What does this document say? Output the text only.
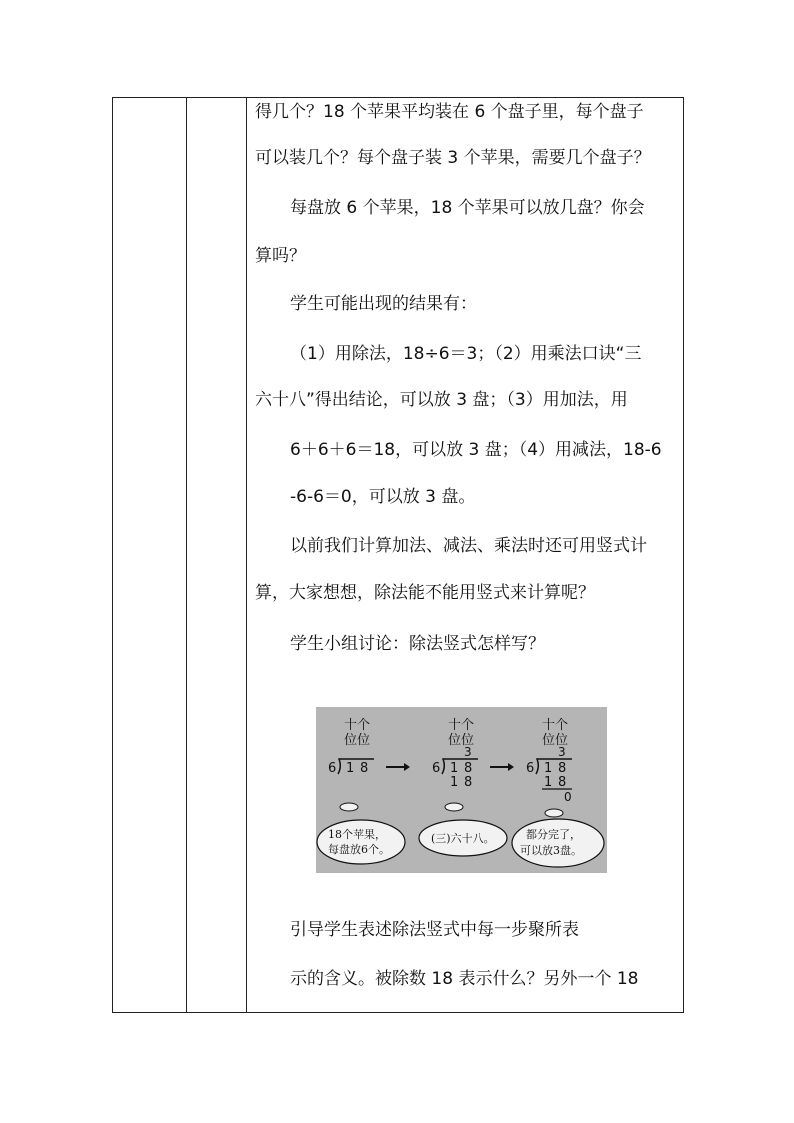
得几个？18 个苹果平均装在 6 个盘子里，每个盘子
可以装几个？每个盘子装 3 个苹果，需要几个盘子？
每盘放 6 个苹果，18 个苹果可以放几盘？你会
算吗？
学生可能出现的结果有：
（1）用除法，18÷6＝3；（2）用乘法口诀“三
六十八”得出结论，可以放 3 盘；（3）用加法，用
6＋6＋6＝18，可以放 3 盘；（4）用减法，18-6
-6-6＝0，可以放 3 盘。
以前我们计算加法、减法、乘法时还可用竖式计
算，大家想想，除法能不能用竖式来计算呢？
学生小组讨论：除法竖式怎样写？
引导学生表述除法竖式中每一步聚所表
示的含义。被除数 18 表示什么？另外一个 18
十个
位位
6 1 8
十个
位位
3
6 1 8
1 8
十个
位位
3
6 1 8
1 8
0
18个苹果，
每盘放6个。
(三)六十八。	都分完了，
可以放3盘。
